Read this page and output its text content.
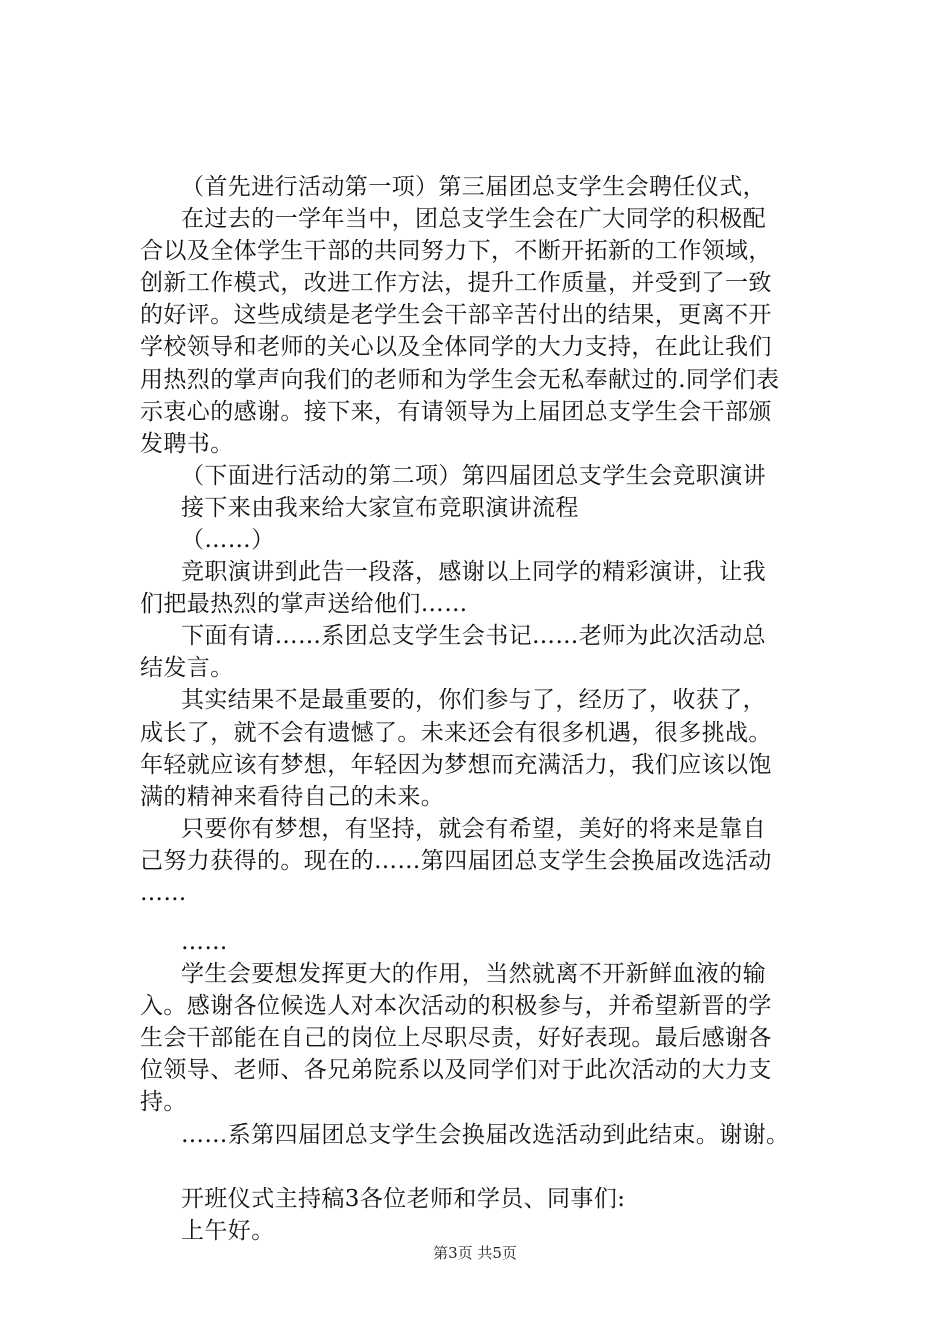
（首先进行活动第一项）第三届团总支学生会聘任仪式，
在过去的一学年当中，团总支学生会在广大同学的积极配
合以及全体学生干部的共同努力下，不断开拓新的工作领域，
创新工作模式，改进工作方法，提升工作质量，并受到了一致
的好评。这些成绩是老学生会干部辛苦付出的结果，更离不开
学校领导和老师的关心以及全体同学的大力支持，在此让我们
用热烈的掌声向我们的老师和为学生会无私奉献过的.同学们表
示衷心的感谢。接下来，有请领导为上届团总支学生会干部颁
发聘书。
（下面进行活动的第二项）第四届团总支学生会竞职演讲
接下来由我来给大家宣布竞职演讲流程
（……）
竞职演讲到此告一段落，感谢以上同学的精彩演讲，让我
们把最热烈的掌声送给他们……
下面有请……系团总支学生会书记……老师为此次活动总
结发言。
其实结果不是最重要的，你们参与了，经历了，收获了，
成长了，就不会有遗憾了。未来还会有很多机遇，很多挑战。
年轻就应该有梦想，年轻因为梦想而充满活力，我们应该以饱
满的精神来看待自己的未来。
只要你有梦想，有坚持，就会有希望，美好的将来是靠自
己努力获得的。现在的……第四届团总支学生会换届改选活动
……
……
学生会要想发挥更大的作用，当然就离不开新鲜血液的输
入。感谢各位候选人对本次活动的积极参与，并希望新晋的学
生会干部能在自己的岗位上尽职尽责，好好表现。最后感谢各
位领导、老师、各兄弟院系以及同学们对于此次活动的大力支
持。
……系第四届团总支学生会换届改选活动到此结束。谢谢。
开班仪式主持稿3各位老师和学员、同事们:
上午好。
第3页 共5页
